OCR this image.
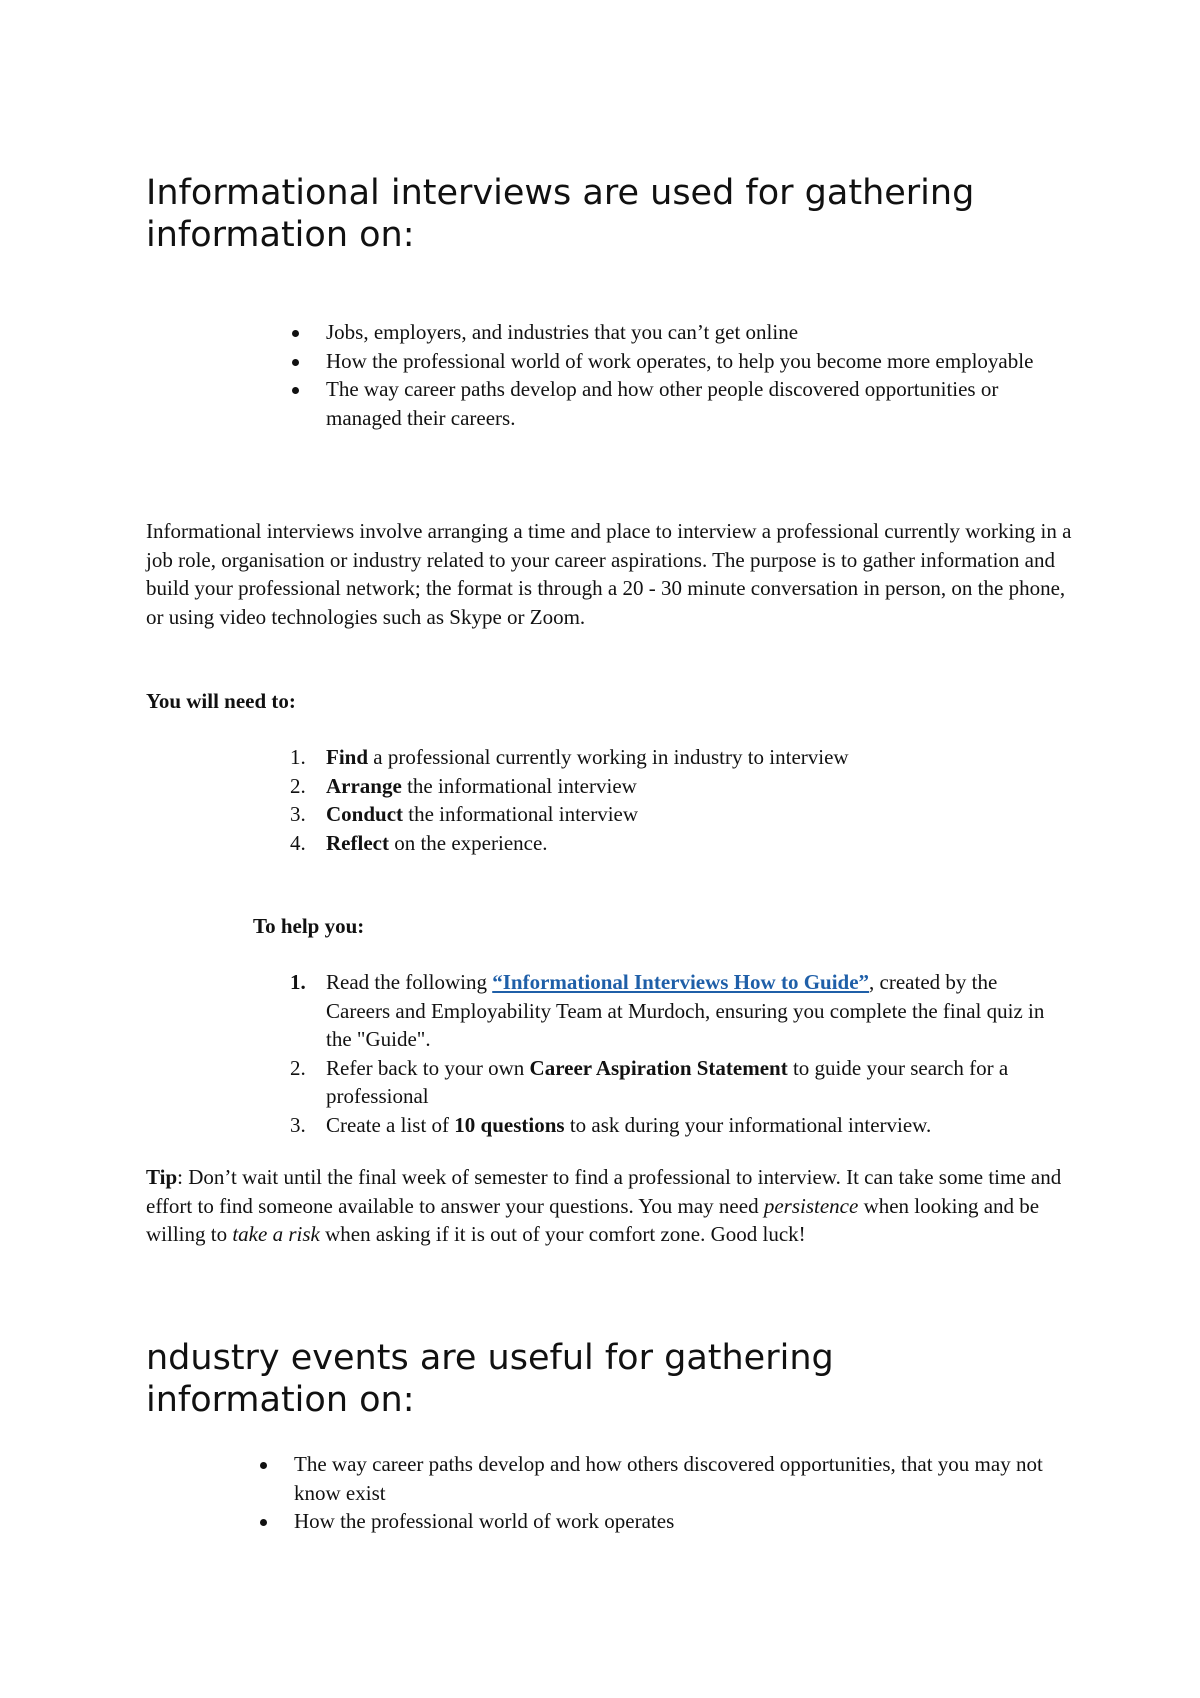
Informational interviews are used for gathering information on:
Jobs, employers, and industries that you can’t get online
How the professional world of work operates, to help you become more employable
The way career paths develop and how other people discovered opportunities or managed their careers.

Informational interviews involve arranging a time and place to interview a professional currently working in a job role, organisation or industry related to your career aspirations. The purpose is to gather information and build your professional network; the format is through a 20 - 30 minute conversation in person, on the phone, or using video technologies such as Skype or Zoom.

You will need to:

1. Find a professional currently working in industry to interview
2. Arrange the informational interview
3. Conduct the informational interview
4. Reflect on the experience.

To help you:

1. Read the following “Informational Interviews How to Guide”, created by the Careers and Employability Team at Murdoch, ensuring you complete the final quiz in the "Guide".
2. Refer back to your own Career Aspiration Statement to guide your search for a professional
3. Create a list of 10 questions to ask during your informational interview.

Tip: Don’t wait until the final week of semester to find a professional to interview. It can take some time and effort to find someone available to answer your questions. You may need persistence when looking and be willing to take a risk when asking if it is out of your comfort zone. Good luck!

ndustry events are useful for gathering information on:
The way career paths develop and how others discovered opportunities, that you may not know exist
How the professional world of work operates
